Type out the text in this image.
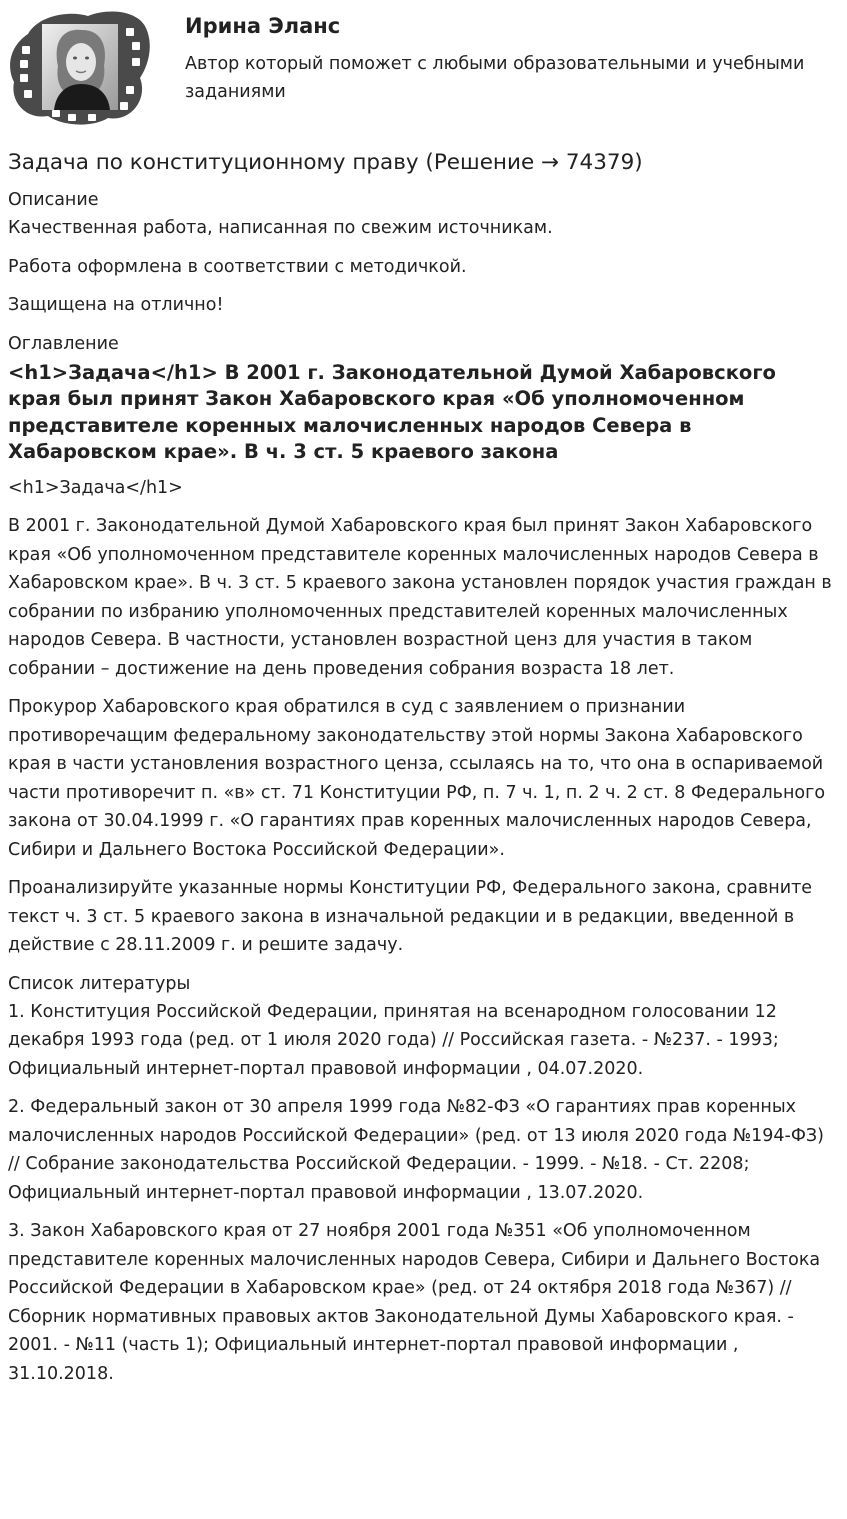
Ирина Эланс

Автор который поможет с любыми образовательными и учебными заданиями

Задача по конституционному праву (Решение → 74379)

Описание

Качественная работа, написанная по свежим источникам.

Работа оформлена в соответствии с методичкой.

Защищена на отлично!

Оглавление

<h1>Задача</h1> В 2001 г. Законодательной Думой Хабаровского края был принят Закон Хабаровского края «Об уполномоченном представителе коренных малочисленных народов Севера в Хабаровском крае». В ч. 3 ст. 5 краевого закона

<h1>Задача</h1>

В 2001 г. Законодательной Думой Хабаровского края был принят Закон Хабаровского края «Об уполномоченном представителе коренных малочисленных народов Севера в Хабаровском крае». В ч. 3 ст. 5 краевого закона установлен порядок участия граждан в собрании по избранию уполномоченных представителей коренных малочисленных народов Севера. В частности, установлен возрастной ценз для участия в таком собрании – достижение на день проведения собрания возраста 18 лет.

Прокурор Хабаровского края обратился в суд с заявлением о признании противоречащим федеральному законодательству этой нормы Закона Хабаровского края в части установления возрастного ценза, ссылаясь на то, что она в оспариваемой части противоречит п. «в» ст. 71 Конституции РФ, п. 7 ч. 1, п. 2 ч. 2 ст. 8 Федерального закона от 30.04.1999 г. «О гарантиях прав коренных малочисленных народов Севера, Сибири и Дальнего Востока Российской Федерации».

Проанализируйте указанные нормы Конституции РФ, Федерального закона, сравните текст ч. 3 ст. 5 краевого закона в изначальной редакции и в редакции, введенной в действие с 28.11.2009 г. и решите задачу.

Список литературы

1. Конституция Российской Федерации, принятая на всенародном голосовании 12 декабря 1993 года (ред. от 1 июля 2020 года) // Российская газета. - №237. - 1993; Официальный интернет-портал правовой информации , 04.07.2020.

2. Федеральный закон от 30 апреля 1999 года №82-ФЗ «О гарантиях прав коренных малочисленных народов Российской Федерации» (ред. от 13 июля 2020 года №194-ФЗ) // Собрание законодательства Российской Федерации. - 1999. - №18. - Ст. 2208; Официальный интернет-портал правовой информации , 13.07.2020.

3. Закон Хабаровского края от 27 ноября 2001 года №351 «Об уполномоченном представителе коренных малочисленных народов Севера, Сибири и Дальнего Востока Российской Федерации в Хабаровском крае» (ред. от 24 октября 2018 года №367) // Сборник нормативных правовых актов Законодательной Думы Хабаровского края. - 2001. - №11 (часть 1); Официальный интернет-портал правовой информации , 31.10.2018.
